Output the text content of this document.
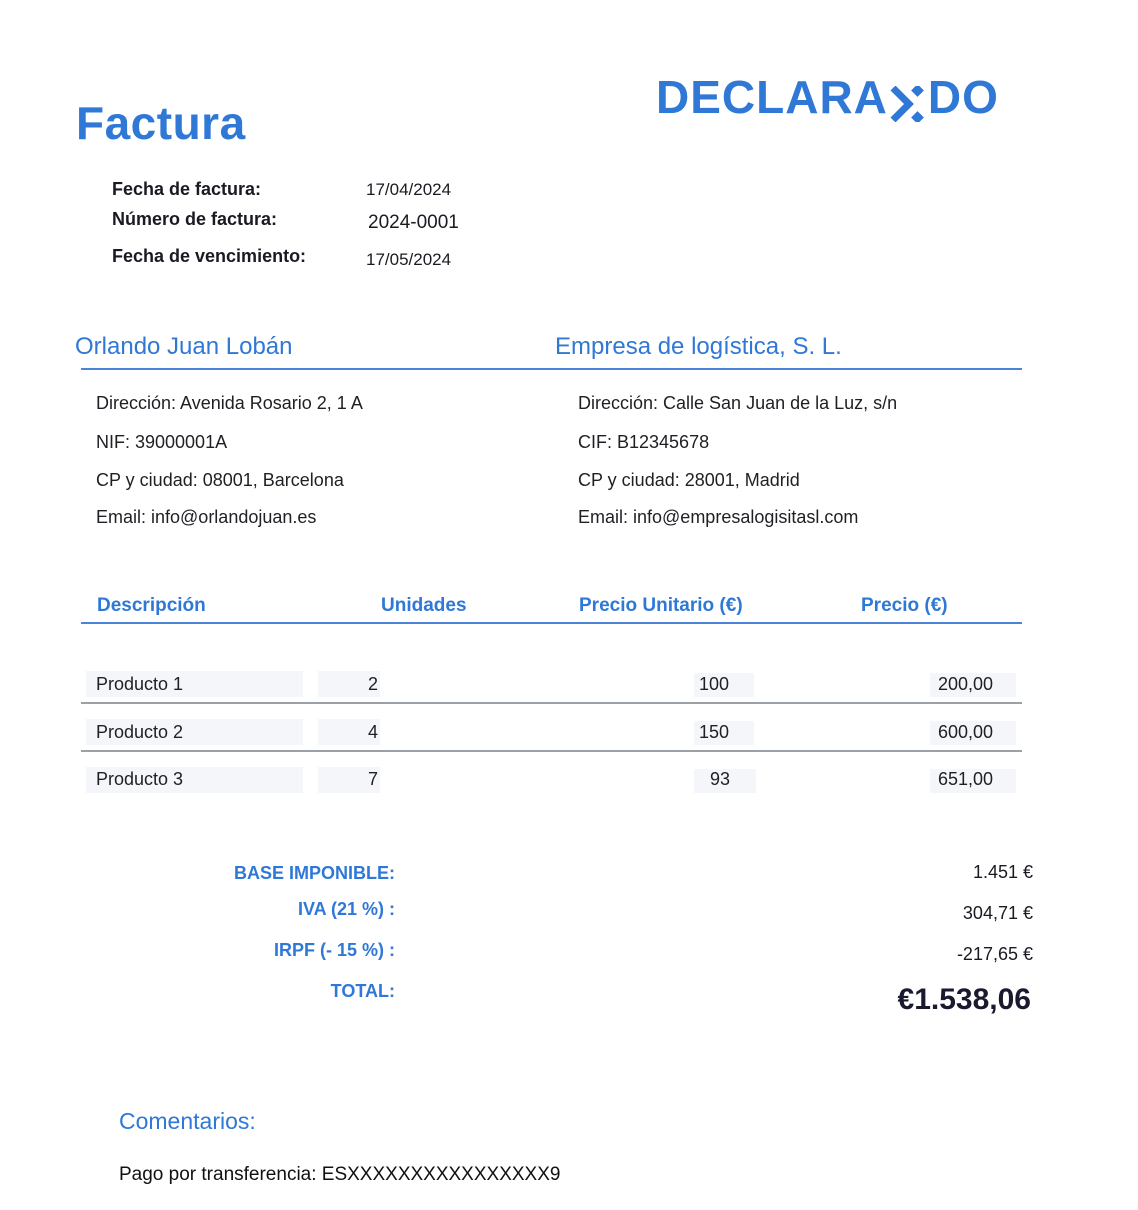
Factura	DECLARA DO
Fecha de factura:	17/04/2024
Número de factura:	2024-0001
Fecha de vencimiento:	17/05/2024
Orlando Juan Lobán	Empresa de logística, S. L.
Dirección: Avenida Rosario 2, 1 A
NIF: 39000001A
CP y ciudad: 08001, Barcelona
Email: info@orlandojuan.es
Dirección: Calle San Juan de la Luz, s/n
CIF: B12345678
CP y ciudad: 28001, Madrid
Email: info@empresalogisitasl.com
Descripción	Unidades	Precio Unitario (€)	Precio (€)
Producto 1	2	100	200,00
Producto 2	4	150	600,00
Producto 3	7	93	651,00
BASE IMPONIBLE:	1.451 €
IVA (21 %) :	304,71 €
IRPF (- 15 %) :	-217,65 €
TOTAL:	€1.538,06
Comentarios:
Pago por transferencia: ESXXXXXXXXXXXXXXXX9
